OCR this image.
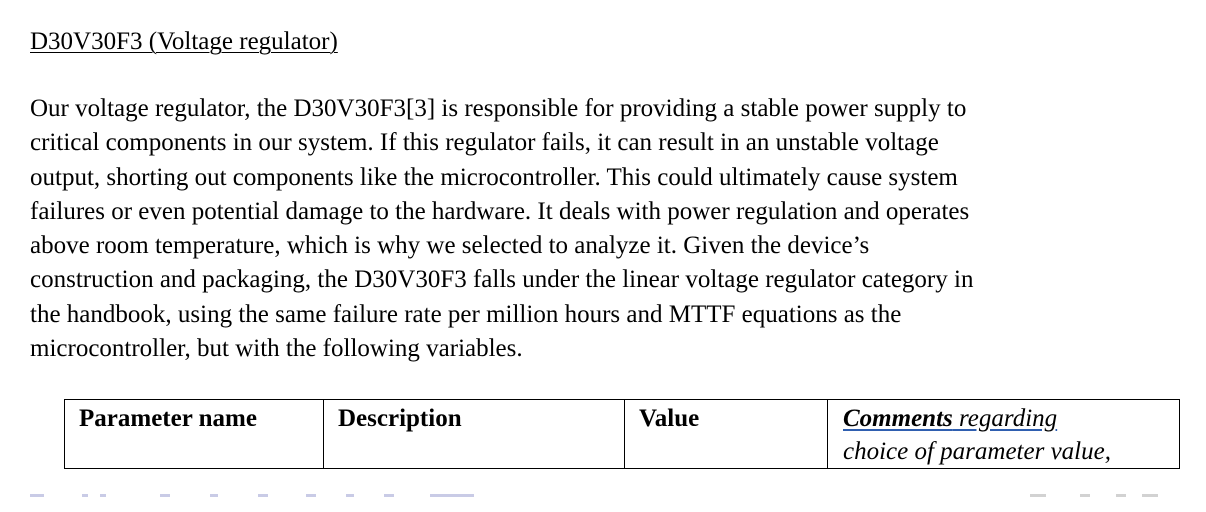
D30V30F3 (Voltage regulator)
Our voltage regulator, the D30V30F3[3] is responsible for providing a stable power supply to
critical components in our system. If this regulator fails, it can result in an unstable voltage
output, shorting out components like the microcontroller. This could ultimately cause system
failures or even potential damage to the hardware. It deals with power regulation and operates
above room temperature, which is why we selected to analyze it. Given the device’s
construction and packaging, the D30V30F3 falls under the linear voltage regulator category in
the handbook, using the same failure rate per million hours and MTTF equations as the
microcontroller, but with the following variables.
Parameter name	Description	Value	Comments regarding
choice of parameter value,
